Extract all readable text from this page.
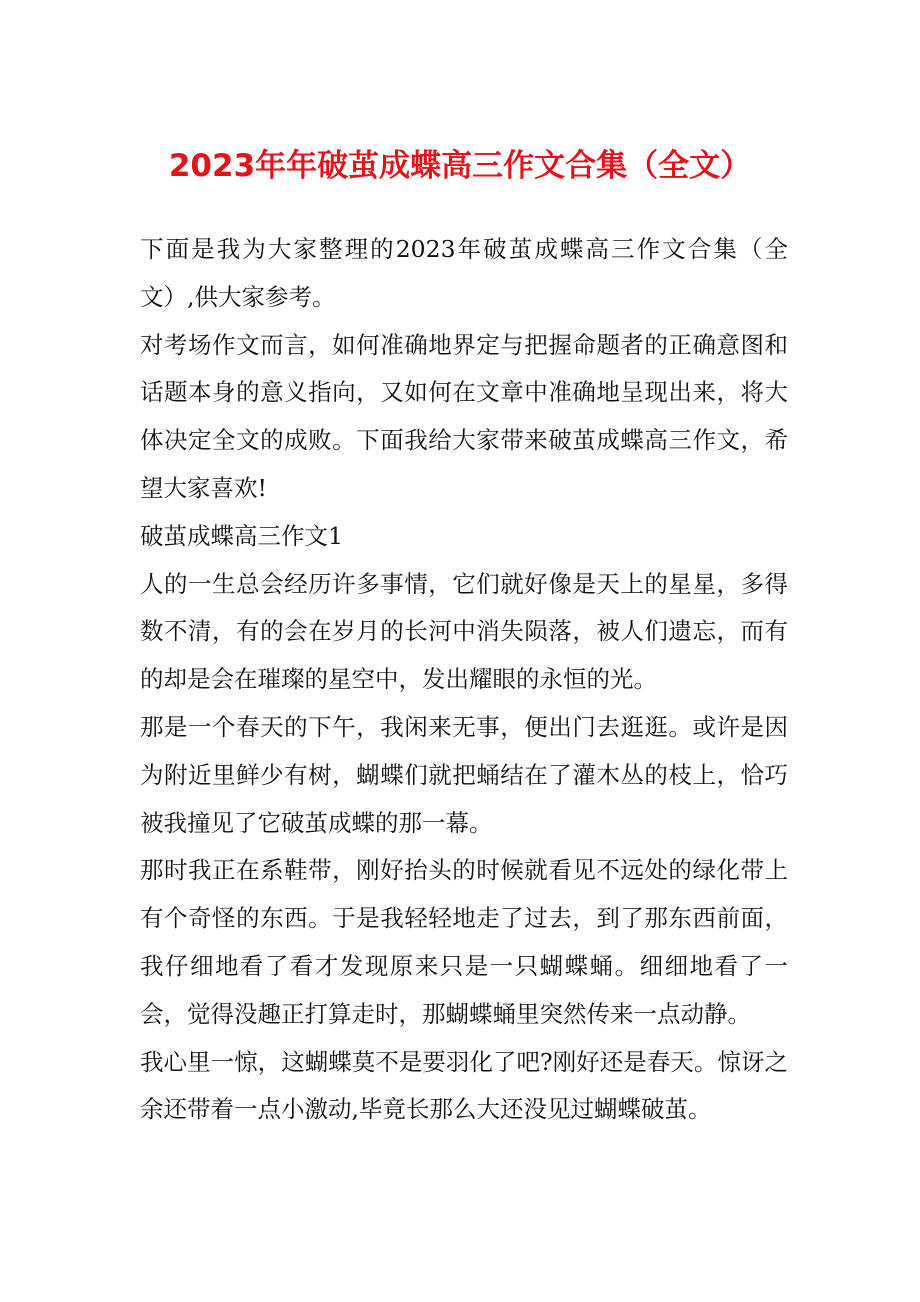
2023年年破茧成蝶高三作文合集（全文）

下面是我为大家整理的2023年破茧成蝶高三作文合集（全文）,供大家参考。

对考场作文而言，如何准确地界定与把握命题者的正确意图和话题本身的意义指向，又如何在文章中准确地呈现出来，将大体决定全文的成败。下面我给大家带来破茧成蝶高三作文，希望大家喜欢!

破茧成蝶高三作文1

人的一生总会经历许多事情，它们就好像是天上的星星，多得数不清，有的会在岁月的长河中消失陨落，被人们遗忘，而有的却是会在璀璨的星空中，发出耀眼的永恒的光。

那是一个春天的下午，我闲来无事，便出门去逛逛。或许是因为附近里鲜少有树，蝴蝶们就把蛹结在了灌木丛的枝上，恰巧被我撞见了它破茧成蝶的那一幕。

那时我正在系鞋带，刚好抬头的时候就看见不远处的绿化带上有个奇怪的东西。于是我轻轻地走了过去，到了那东西前面，我仔细地看了看才发现原来只是一只蝴蝶蛹。细细地看了一会，觉得没趣正打算走时，那蝴蝶蛹里突然传来一点动静。

我心里一惊，这蝴蝶莫不是要羽化了吧?刚好还是春天。惊讶之余还带着一点小激动,毕竟长那么大还没见过蝴蝶破茧。
